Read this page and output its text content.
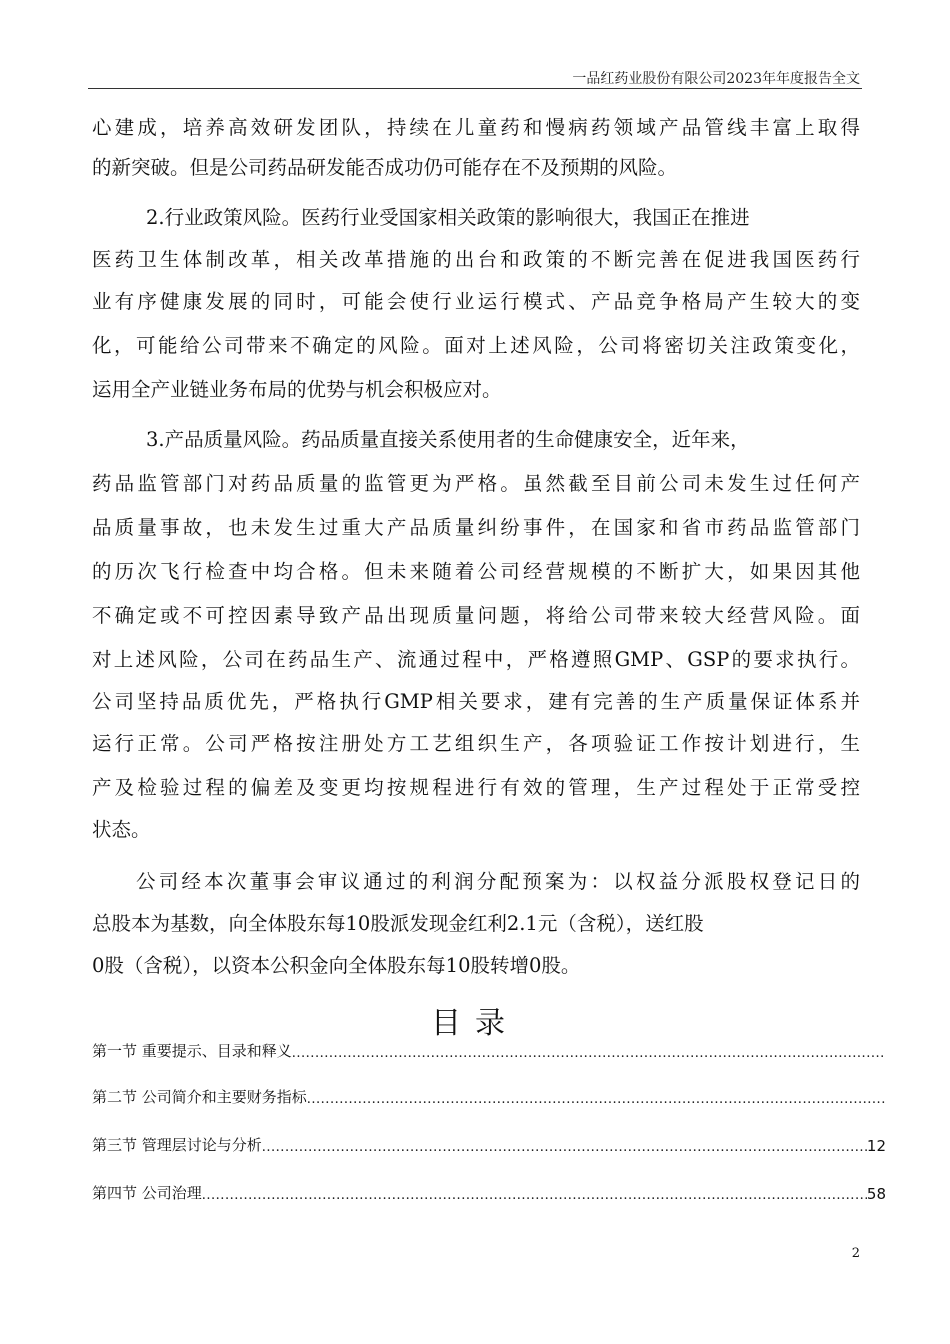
一品红药业股份有限公司2023年年度报告全文
心建成，培养高效研发团队，持续在儿童药和慢病药领域产品管线丰富上取得
的新突破。但是公司药品研发能否成功仍可能存在不及预期的风险。
2.行业政策风险。医药行业受国家相关政策的影响很大，我国正在推进
医药卫生体制改革，相关改革措施的出台和政策的不断完善在促进我国医药行
业有序健康发展的同时，可能会使行业运行模式、产品竞争格局产生较大的变
化，可能给公司带来不确定的风险。面对上述风险，公司将密切关注政策变化，
运用全产业链业务布局的优势与机会积极应对。
3.产品质量风险。药品质量直接关系使用者的生命健康安全，近年来，
药品监管部门对药品质量的监管更为严格。虽然截至目前公司未发生过任何产
品质量事故，也未发生过重大产品质量纠纷事件，在国家和省市药品监管部门
的历次飞行检查中均合格。但未来随着公司经营规模的不断扩大，如果因其他
不确定或不可控因素导致产品出现质量问题，将给公司带来较大经营风险。面
对上述风险，公司在药品生产、流通过程中，严格遵照GMP、GSP的要求执行。
公司坚持品质优先，严格执行GMP相关要求，建有完善的生产质量保证体系并
运行正常。公司严格按注册处方工艺组织生产，各项验证工作按计划进行，生
产及检验过程的偏差及变更均按规程进行有效的管理，生产过程处于正常受控
状态。
公司经本次董事会审议通过的利润分配预案为：以权益分派股权登记日的
总股本为基数，向全体股东每10股派发现金红利2.1元（含税），送红股
0股（含税），以资本公积金向全体股东每10股转增0股。
目录
第一节 重要提示、目录和释义
.....
第二节 公司简介和主要财务指标
.....
第三节 管理层讨论与分析 .....	12
第四节 公司治理 .....	58
2
